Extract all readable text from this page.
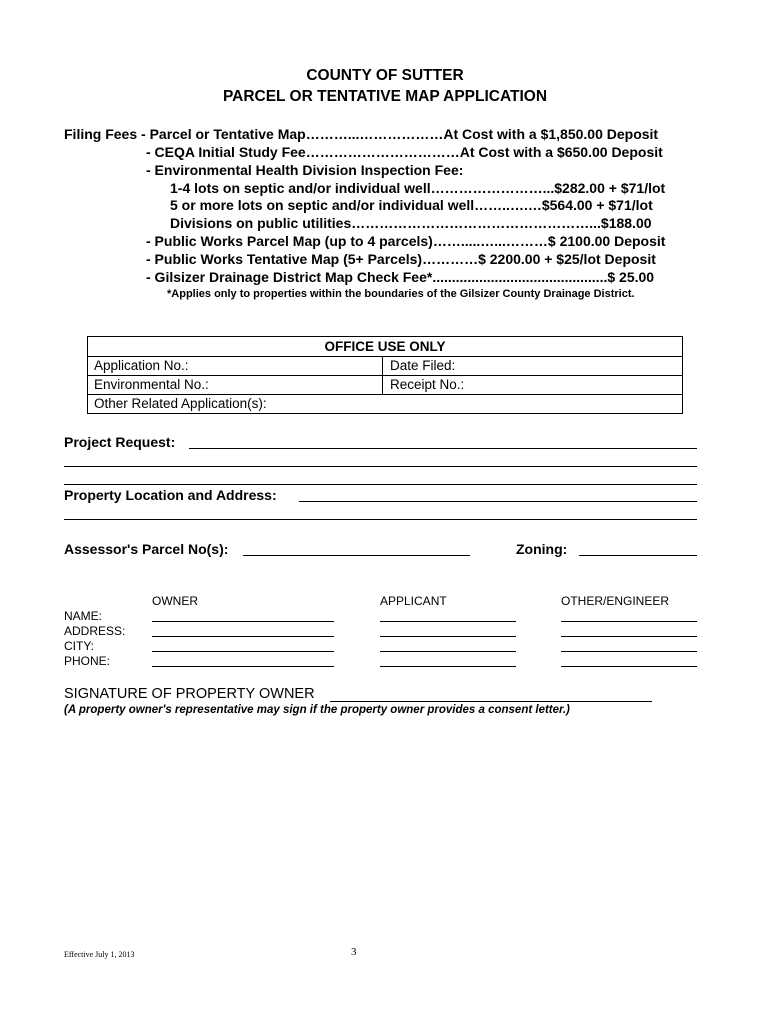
COUNTY OF SUTTER
PARCEL OR TENTATIVE MAP APPLICATION
Filing Fees - Parcel or Tentative Map………...………………At Cost with a $1,850.00 Deposit
- CEQA Initial Study Fee……………………………At Cost with a $650.00 Deposit
- Environmental Health Division Inspection Fee:
1-4 lots on septic and/or individual well……………………...$282.00 + $71/lot
5 or more lots on septic and/or individual well……..….…$564.00 + $71/lot
Divisions on public utilities……………………………………………...$188.00
- Public Works Parcel Map (up to 4 parcels)…….....…...………$ 2100.00 Deposit
- Public Works Tentative Map (5+ Parcels)…………$ 2200.00 + $25/lot Deposit
- Gilsizer Drainage District Map Check Fee*.............................................$ 25.00
*Applies only to properties within the boundaries of the Gilsizer County Drainage District.
OFFICE USE ONLY
Application No.:	Date Filed:
Environmental No.:	Receipt No.:
Other Related Application(s):
Project Request:
Property Location and Address:
Assessor's Parcel No(s):	Zoning:
OWNER	APPLICANT	OTHER/ENGINEER
NAME:
ADDRESS:
CITY:
PHONE:
SIGNATURE OF PROPERTY OWNER
(A property owner's representative may sign if the property owner provides a consent letter.)
Effective July 1, 2013	3
